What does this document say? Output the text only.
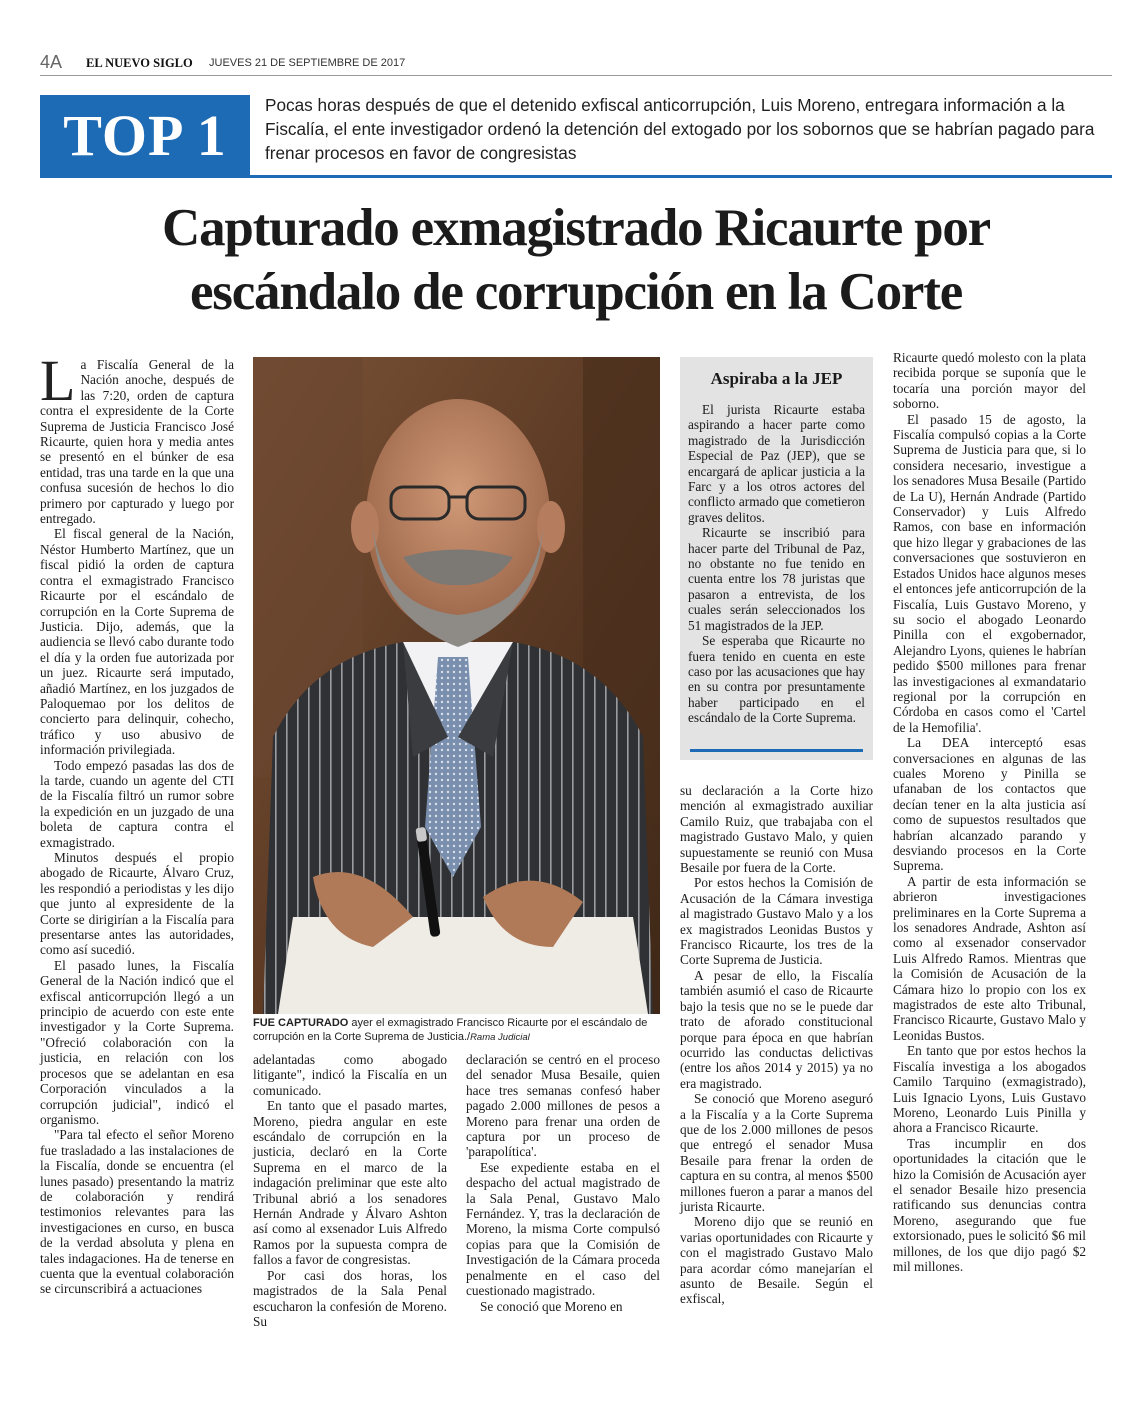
4A EL NUEVO SIGLO JUEVES 21 DE SEPTIEMBRE DE 2017
TOP 1	Pocas horas después de que el detenido exfiscal anticorrupción, Luis Moreno, entregara información a la Fiscalía, el ente investigador ordenó la detención del extogado por los sobornos que se habrían pagado para frenar procesos en favor de congresistas
Capturado exmagistrado Ricaurte por
escándalo de corrupción en la Corte

La Fiscalía General de la Nación anoche, después de las 7:20, orden de captura contra el expresidente de la Corte Suprema de Justicia Francisco José Ricaurte, quien hora y media antes se presentó en el búnker de esa entidad, tras una tarde en la que una confusa sucesión de hechos lo dio primero por capturado y luego por entregado.

El fiscal general de la Nación, Néstor Humberto Martínez, que un fiscal pidió la orden de captura contra el exmagistrado Francisco Ricaurte por el escándalo de corrupción en la Corte Suprema de Justicia. Dijo, además, que la audiencia se llevó cabo durante todo el día y la orden fue autorizada por un juez. Ricaurte será imputado, añadió Martínez, en los juzgados de Paloquemao por los delitos de concierto para delinquir, cohecho, tráfico y uso abusivo de información privilegiada.

Todo empezó pasadas las dos de la tarde, cuando un agente del CTI de la Fiscalía filtró un rumor sobre la expedición en un juzgado de una boleta de captura contra el exmagistrado.

Minutos después el propio abogado de Ricaurte, Álvaro Cruz, les respondió a periodistas y les dijo que junto al expresidente de la Corte se dirigirían a la Fiscalía para presentarse antes las autoridades, como así sucedió.

El pasado lunes, la Fiscalía General de la Nación indicó que el exfiscal anticorrupción llegó a un principio de acuerdo con este ente investigador y la Corte Suprema. "Ofreció colaboración con la justicia, en relación con los procesos que se adelantan en esa Corporación vinculados a la corrupción judicial", indicó el organismo.

"Para tal efecto el señor Moreno fue trasladado a las instalaciones de la Fiscalía, donde se encuentra (el lunes pasado) presentando la matriz de colaboración y rendirá testimonios relevantes para las investigaciones en curso, en busca de la verdad absoluta y plena en tales indagaciones. Ha de tenerse en cuenta que la eventual colaboración se circunscribirá a actuaciones

FUE CAPTURADO ayer el exmagistrado Francisco Ricaurte por el escándalo de corrupción en la Corte Suprema de Justicia./Rama Judicial

adelantadas como abogado litigante", indicó la Fiscalía en un comunicado.

En tanto que el pasado martes, Moreno, piedra angular en este escándalo de corrupción en la justicia, declaró en la Corte Suprema en el marco de la indagación preliminar que este alto Tribunal abrió a los senadores Hernán Andrade y Álvaro Ashton así como al exsenador Luis Alfredo Ramos por la supuesta compra de fallos a favor de congresistas.

Por casi dos horas, los magistrados de la Sala Penal escucharon la confesión de Moreno. Su

declaración se centró en el proceso del senador Musa Besaile, quien hace tres semanas confesó haber pagado 2.000 millones de pesos a Moreno para frenar una orden de captura por un proceso de 'parapolítica'.

Ese expediente estaba en el despacho del actual magistrado de la Sala Penal, Gustavo Malo Fernández. Y, tras la declaración de Moreno, la misma Corte compulsó copias para que la Comisión de Investigación de la Cámara proceda penalmente en el caso del cuestionado magistrado.

Se conoció que Moreno en

Aspiraba a la JEP

El jurista Ricaurte estaba aspirando a hacer parte como magistrado de la Jurisdicción Especial de Paz (JEP), que se encargará de aplicar justicia a la Farc y a los otros actores del conflicto armado que cometieron graves delitos.

Ricaurte se inscribió para hacer parte del Tribunal de Paz, no obstante no fue tenido en cuenta entre los 78 juristas que pasaron a entrevista, de los cuales serán seleccionados los 51 magistrados de la JEP.

Se esperaba que Ricaurte no fuera tenido en cuenta en este caso por las acusaciones que hay en su contra por presuntamente haber participado en el escándalo de la Corte Suprema.

su declaración a la Corte hizo mención al exmagistrado auxiliar Camilo Ruiz, que trabajaba con el magistrado Gustavo Malo, y quien supuestamente se reunió con Musa Besaile por fuera de la Corte.

Por estos hechos la Comisión de Acusación de la Cámara investiga al magistrado Gustavo Malo y a los ex magistrados Leonidas Bustos y Francisco Ricaurte, los tres de la Corte Suprema de Justicia.

A pesar de ello, la Fiscalía también asumió el caso de Ricaurte bajo la tesis que no se le puede dar trato de aforado constitucional porque para época en que habrían ocurrido las conductas delictivas (entre los años 2014 y 2015) ya no era magistrado.

Se conoció que Moreno aseguró a la Fiscalía y a la Corte Suprema que de los 2.000 millones de pesos que entregó el senador Musa Besaile para frenar la orden de captura en su contra, al menos $500 millones fueron a parar a manos del jurista Ricaurte.

Moreno dijo que se reunió en varias oportunidades con Ricaurte y con el magistrado Gustavo Malo para acordar cómo manejarían el asunto de Besaile. Según el exfiscal,

Ricaurte quedó molesto con la plata recibida porque se suponía que le tocaría una porción mayor del soborno.

El pasado 15 de agosto, la Fiscalía compulsó copias a la Corte Suprema de Justicia para que, si lo considera necesario, investigue a los senadores Musa Besaile (Partido de La U), Hernán Andrade (Partido Conservador) y Luis Alfredo Ramos, con base en información que hizo llegar y grabaciones de las conversaciones que sostuvieron en Estados Unidos hace algunos meses el entonces jefe anticorrupción de la Fiscalía, Luis Gustavo Moreno, y su socio el abogado Leonardo Pinilla con el exgobernador, Alejandro Lyons, quienes le habrían pedido $500 millones para frenar las investigaciones al exmandatario regional por la corrupción en Córdoba en casos como el 'Cartel de la Hemofilia'.

La DEA interceptó esas conversaciones en algunas de las cuales Moreno y Pinilla se ufanaban de los contactos que decían tener en la alta justicia así como de supuestos resultados que habrían alcanzado parando y desviando procesos en la Corte Suprema.

A partir de esta información se abrieron investigaciones preliminares en la Corte Suprema a los senadores Andrade, Ashton así como al exsenador conservador Luis Alfredo Ramos. Mientras que la Comisión de Acusación de la Cámara hizo lo propio con los ex magistrados de este alto Tribunal, Francisco Ricaurte, Gustavo Malo y Leonidas Bustos.

En tanto que por estos hechos la Fiscalía investiga a los abogados Camilo Tarquino (exmagistrado), Luis Ignacio Lyons, Luis Gustavo Moreno, Leonardo Luis Pinilla y ahora a Francisco Ricaurte.

Tras incumplir en dos oportunidades la citación que le hizo la Comisión de Acusación ayer el senador Besaile hizo presencia ratificando sus denuncias contra Moreno, asegurando que fue extorsionado, pues le solicitó $6 mil millones, de los que dijo pagó $2 mil millones.
